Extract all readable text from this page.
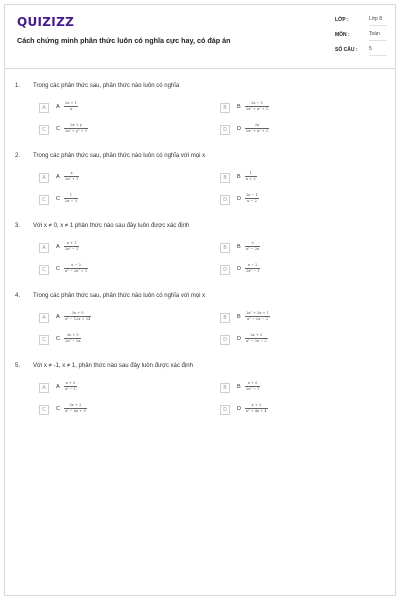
QUIZIZZ
Cách chứng minh phân thức luôn có nghĩa cực hay, có đáp án
LỚP :	Lớp 8
MÔN :	Toán
SỐ CÂU : 5
1. Trong các phân thức sau, phân thức nào luôn có nghĩa
A	A
2x + 1
x	B	B
2x − 1
2x² + x² + 1
C	C
2x + y
2x² + y² + 1	D	D
2x
2x² + x² + 1
2. Trong các phân thức sau, phân thức nào luôn có nghĩa với mọi x
A	A
x
2x² + 1	B	B
1
x + 2
C	C
1
2x − 3	D	D
2x − 1
x − 2
3. Với x ≠ 0, x ≠ 1 phân thức nào sau đây luôn được xác định
A	A
x + 1
2x² − 2	B	B
3
x² − 2x
C	C
x − 2
x² − 2x² + 1	D	D
x − 2
2x² − 1
4. Trong các phân thức sau, phân thức nào luôn có nghĩa với mọi x
A	A
3x + 5
x² − 12x + 34	B	B
2x² + 3x + 1
x² − 2x − 2
C	C
3x + 5
2x² − 2x	D	D
2x + 3
x² − 2x − 2
5. Với x ≠ -1, x ≠ 1, phân thức nào sau đây luôn được xác định
A	A
x + 5
x² − 1	B	B
x + 5
2x² − 1
C	C
3x + 2
x² − 6x + 9	D	D
x + 2
x² + 4x + 4
